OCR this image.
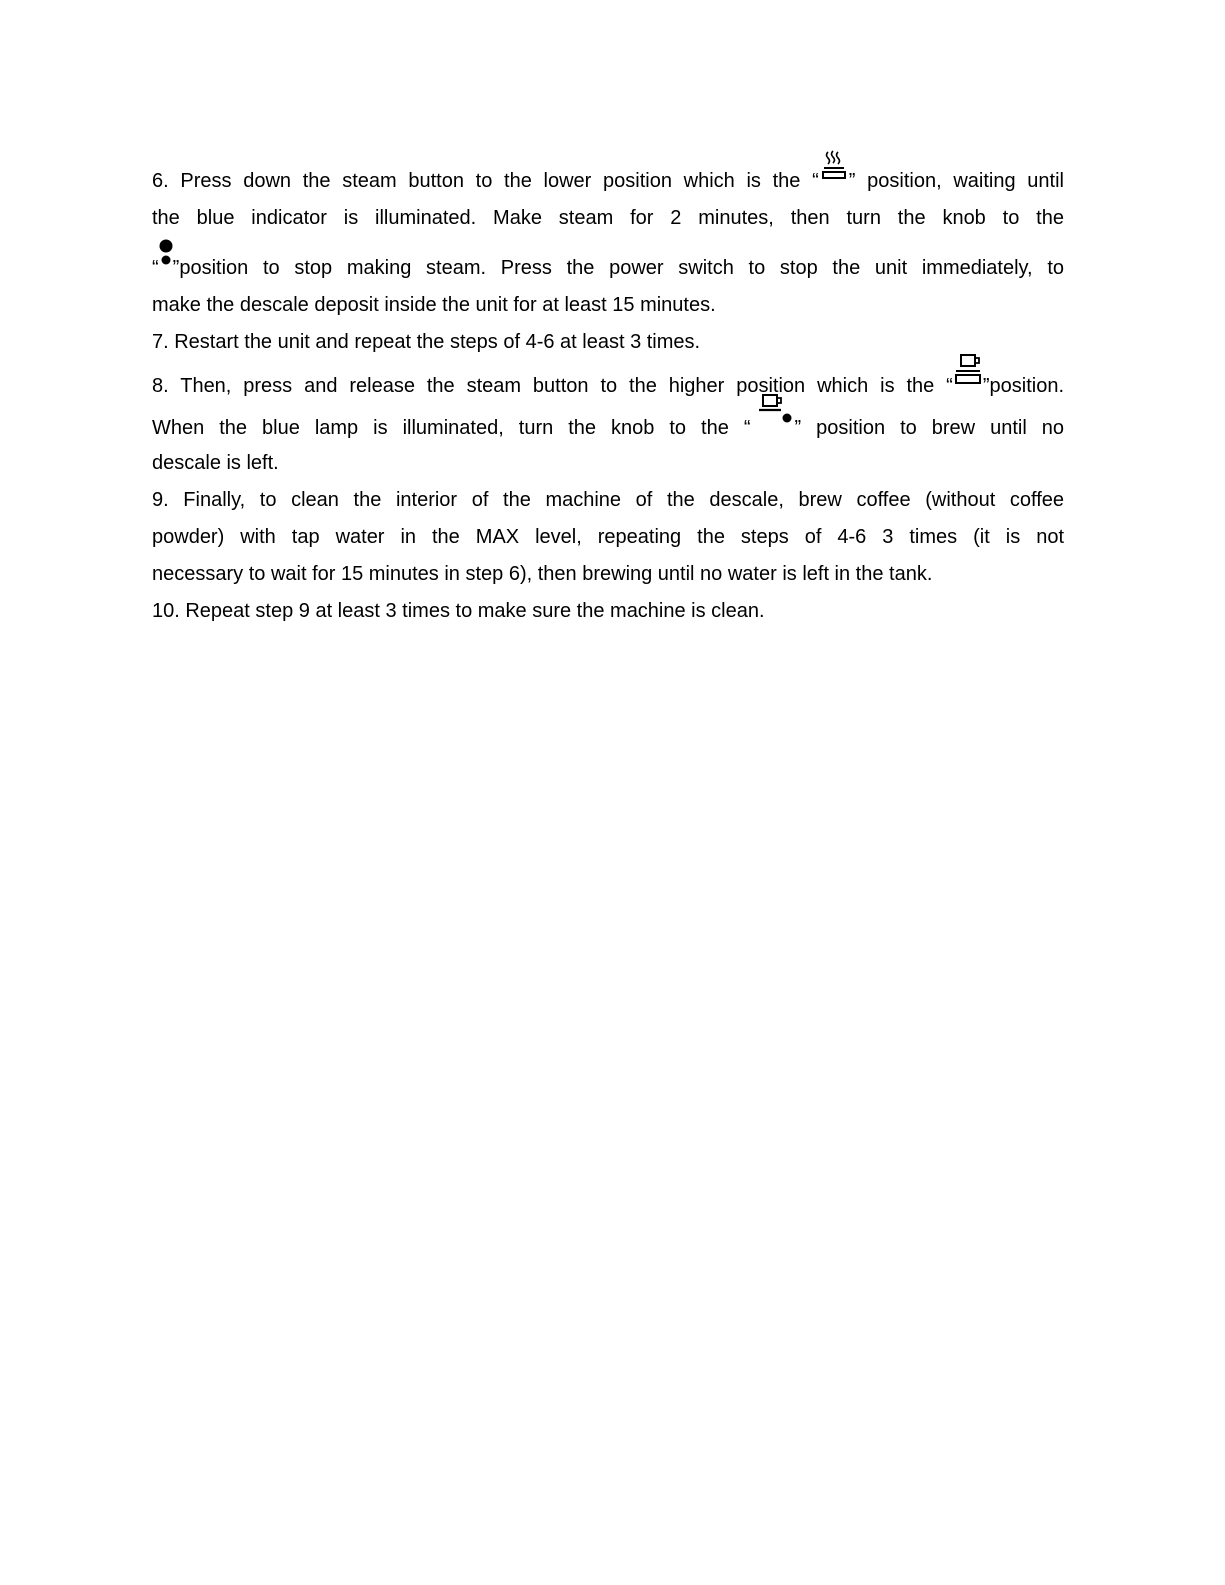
6. Press down the steam button to the lower position which is the “ ” position, waiting until
the blue indicator is illuminated. Make steam for 2 minutes, then turn the knob to the
“ ”position to stop making steam. Press the power switch to stop the unit immediately, to
make the descale deposit inside the unit for at least 15 minutes.
7. Restart the unit and repeat the steps of 4-6 at least 3 times.
8. Then, press and release the steam button to the higher position which is the “ ”position.
When the blue lamp is illuminated, turn the knob to the “ ” position to brew until no
descale is left.
9. Finally, to clean the interior of the machine of the descale, brew coffee (without coffee
powder) with tap water in the MAX level, repeating the steps of 4-6 3 times (it is not
necessary to wait for 15 minutes in step 6), then brewing until no water is left in the tank.
10. Repeat step 9 at least 3 times to make sure the machine is clean.
